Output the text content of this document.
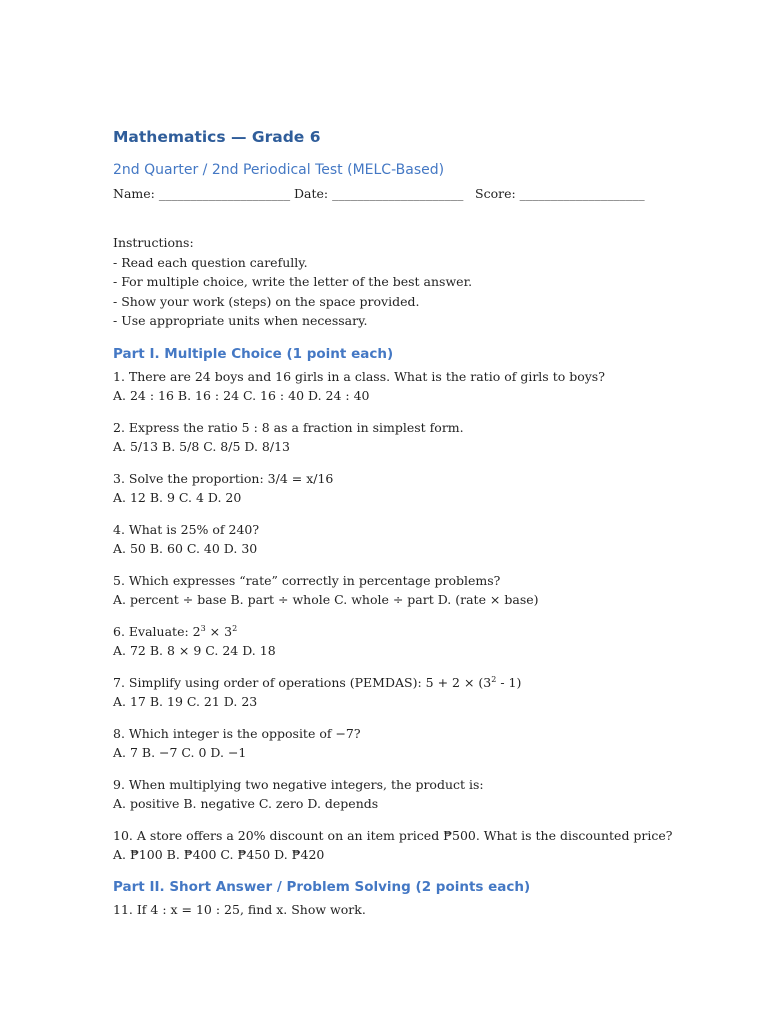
Mathematics — Grade 6
2nd Quarter / 2nd Periodical Test (MELC-Based)
Name: _____________________ Date: _____________________ Score: ____________________
Instructions:
- Read each question carefully.
- For multiple choice, write the letter of the best answer.
- Show your work (steps) on the space provided.
- Use appropriate units when necessary.
Part I. Multiple Choice (1 point each)
1. There are 24 boys and 16 girls in a class. What is the ratio of girls to boys?
A. 24 : 16 B. 16 : 24 C. 16 : 40 D. 24 : 40
2. Express the ratio 5 : 8 as a fraction in simplest form.
A. 5/13 B. 5/8 C. 8/5 D. 8/13
3. Solve the proportion: 3/4 = x/16
A. 12 B. 9 C. 4 D. 20
4. What is 25% of 240?
A. 50 B. 60 C. 40 D. 30
5. Which expresses “rate” correctly in percentage problems?
A. percent ÷ base B. part ÷ whole C. whole ÷ part D. (rate × base)
6. Evaluate: $2^3 \times 3^2$
A. 72 B. 8 × 9 C. 24 D. 18
7. Simplify using order of operations (PEMDAS): $5 + 2 \times (3^2 - 1)$
A. 17 B. 19 C. 21 D. 23
8. Which integer is the opposite of −7?
A. 7 B. −7 C. 0 D. −1
9. When multiplying two negative integers, the product is:
A. positive B. negative C. zero D. depends
10. A store offers a 20% discount on an item priced ₱500. What is the discounted price?
A. ₱100 B. ₱400 C. ₱450 D. ₱420
Part II. Short Answer / Problem Solving (2 points each)
11. If 4 : x = 10 : 25, find x. Show work.
